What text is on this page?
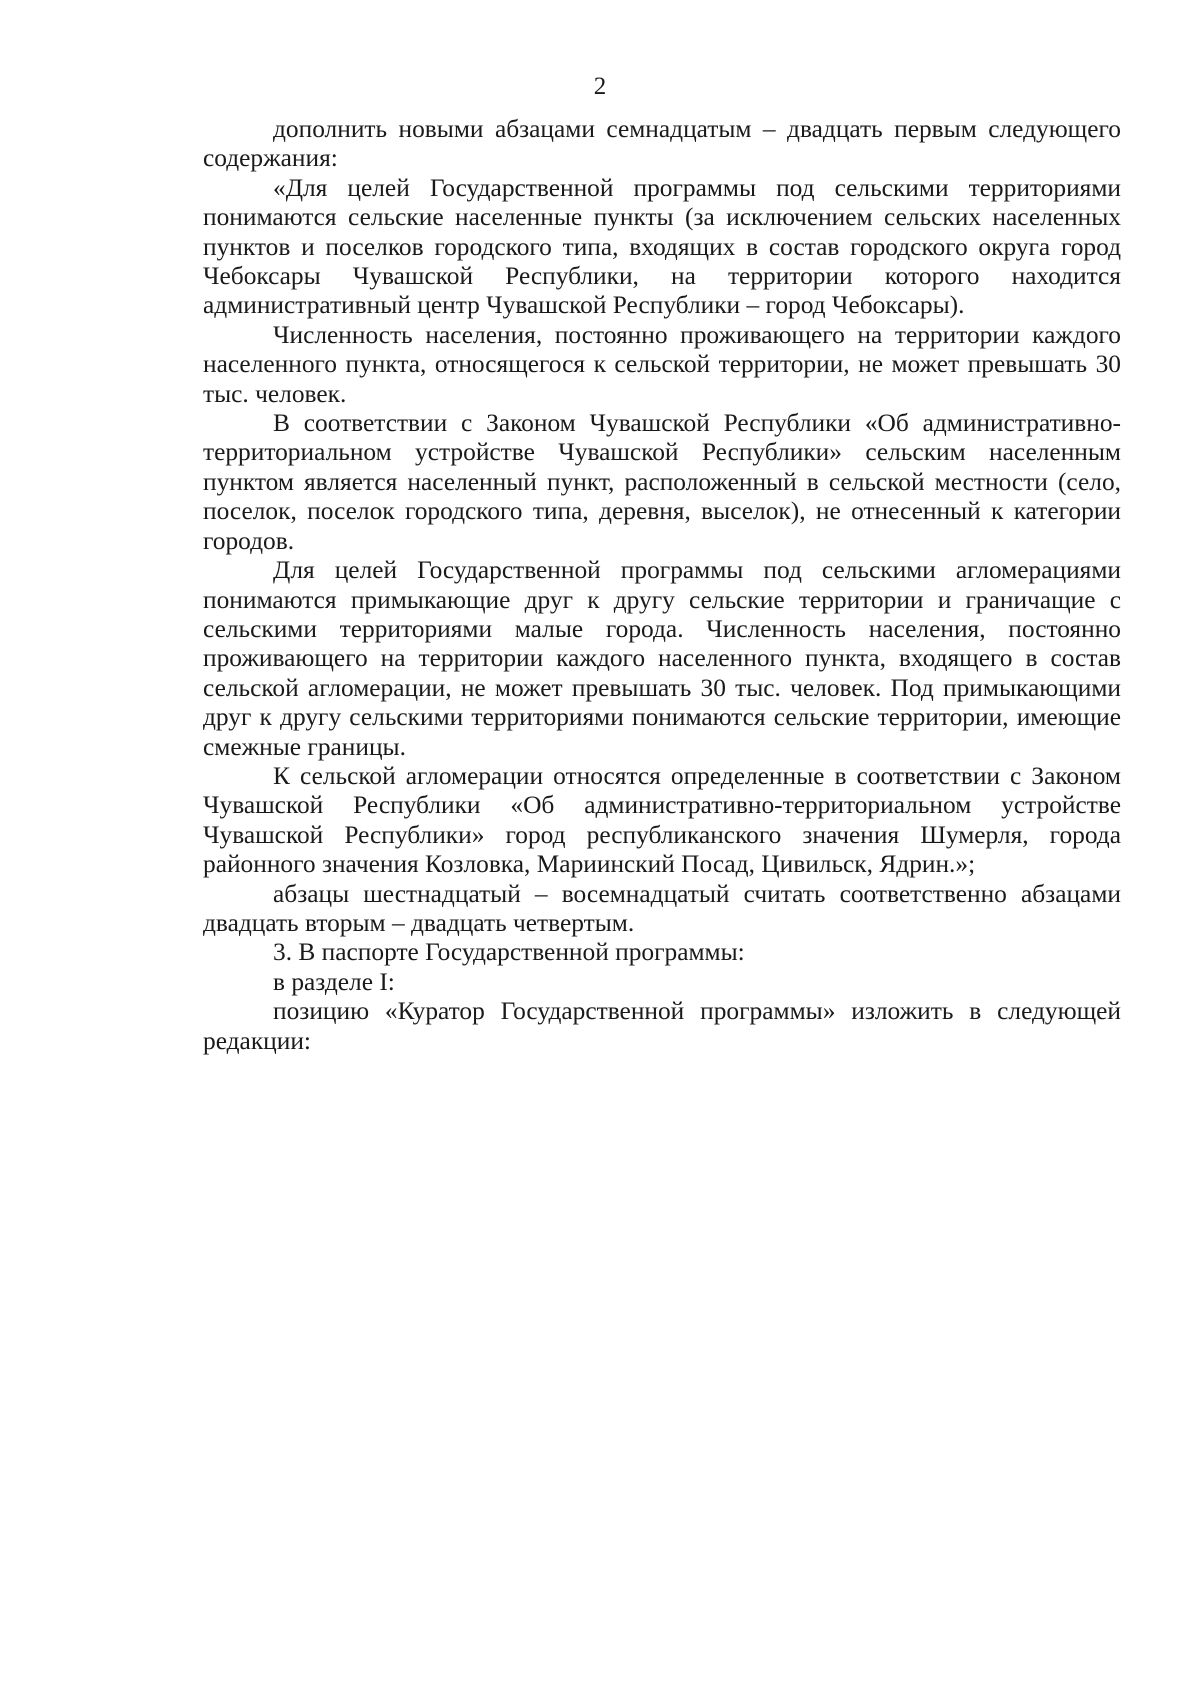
2

дополнить новыми абзацами семнадцатым – двадцать первым следующего содержания:

«Для целей Государственной программы под сельскими территориями понимаются сельские населенные пункты (за исключением сельских населенных пунктов и поселков городского типа, входящих в состав городского округа город Чебоксары Чувашской Республики, на территории которого находится административный центр Чувашской Республики – город Чебоксары).

Численность населения, постоянно проживающего на территории каждого населенного пункта, относящегося к сельской территории, не может превышать 30 тыс. человек.

В соответствии с Законом Чувашской Республики «Об административно-территориальном устройстве Чувашской Республики» сельским населенным пунктом является населенный пункт, расположенный в сельской местности (село, поселок, поселок городского типа, деревня, выселок), не отнесенный к категории городов.

Для целей Государственной программы под сельскими агломерациями понимаются примыкающие друг к другу сельские территории и граничащие с сельскими территориями малые города. Численность населения, постоянно проживающего на территории каждого населенного пункта, входящего в состав сельской агломерации, не может превышать 30 тыс. человек. Под примыкающими друг к другу сельскими территориями понимаются сельские территории, имеющие смежные границы.

К сельской агломерации относятся определенные в соответствии с Законом Чувашской Республики «Об административно-территориальном устройстве Чувашской Республики» город республиканского значения Шумерля, города районного значения Козловка, Мариинский Посад, Цивильск, Ядрин.»;

абзацы шестнадцатый – восемнадцатый считать соответственно абзацами двадцать вторым – двадцать четвертым.

3. В паспорте Государственной программы:

в разделе I:

позицию «Куратор Государственной программы» изложить в следующей редакции:
